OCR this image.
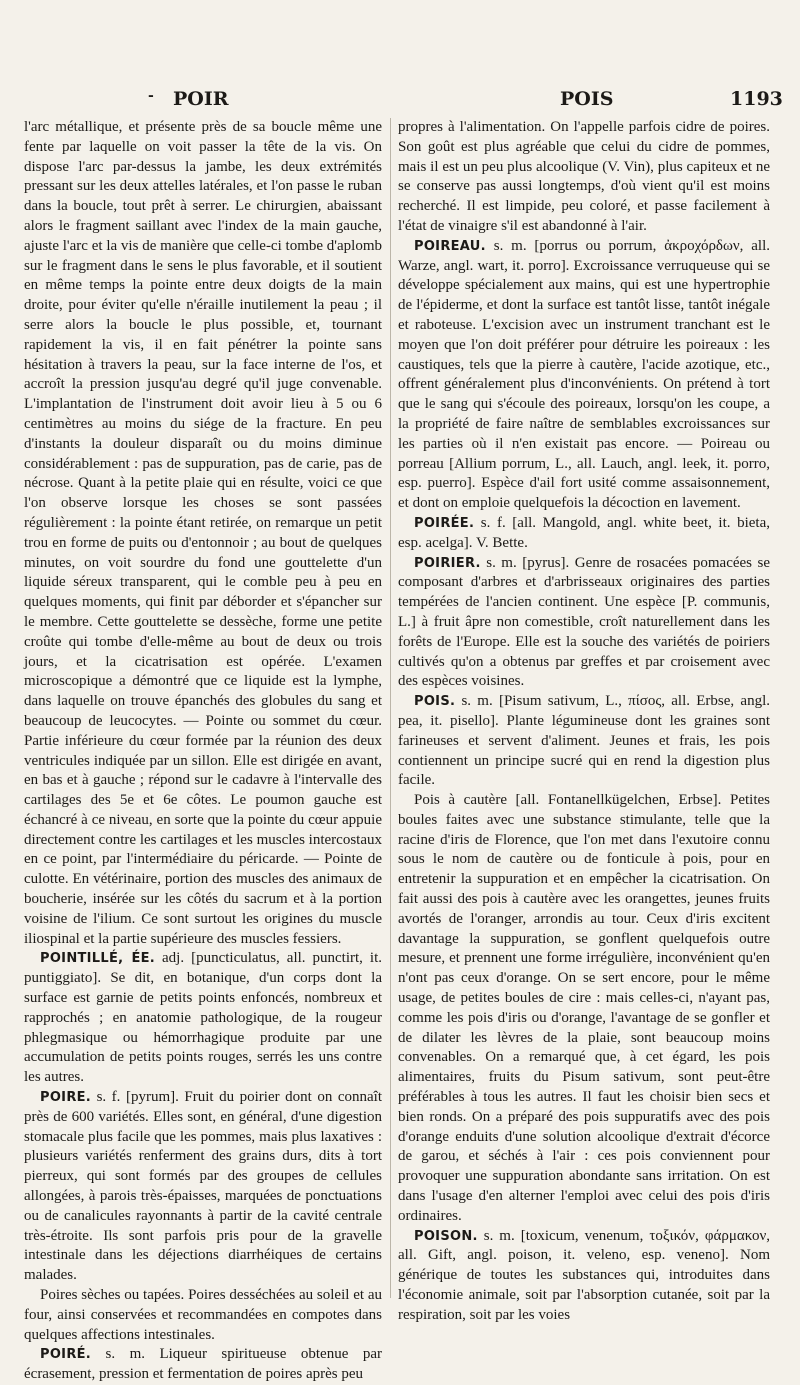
- POIR	POIS	1193

l'arc métallique, et présente près de sa boucle même une fente par laquelle on voit passer la tête de la vis. On dispose l'arc par-dessus la jambe, les deux extrémités pressant sur les deux attelles latérales, et l'on passe le ruban dans la boucle, tout prêt à serrer. Le chirurgien, abaissant alors le fragment saillant avec l'index de la main gauche, ajuste l'arc et la vis de manière que celle-ci tombe d'aplomb sur le fragment dans le sens le plus favorable, et il soutient en même temps la pointe entre deux doigts de la main droite, pour éviter qu'elle n'éraille inutilement la peau ; il serre alors la boucle le plus possible, et, tournant rapidement la vis, il en fait pénétrer la pointe sans hésitation à travers la peau, sur la face interne de l'os, et accroît la pression jusqu'au degré qu'il juge convenable. L'implantation de l'instrument doit avoir lieu à 5 ou 6 centimètres au moins du siége de la fracture. En peu d'instants la douleur disparaît ou du moins diminue considérablement : pas de suppuration, pas de carie, pas de nécrose. Quant à la petite plaie qui en résulte, voici ce que l'on observe lorsque les choses se sont passées régulièrement : la pointe étant retirée, on remarque un petit trou en forme de puits ou d'entonnoir ; au bout de quelques minutes, on voit sourdre du fond une gouttelette d'un liquide séreux transparent, qui le comble peu à peu en quelques moments, qui finit par déborder et s'épancher sur le membre. Cette gouttelette se dessèche, forme une petite croûte qui tombe d'elle-même au bout de deux ou trois jours, et la cicatrisation est opérée. L'examen microscopique a démontré que ce liquide est la lymphe, dans laquelle on trouve épanchés des globules du sang et beaucoup de leucocytes. — Pointe ou sommet du cœur. Partie inférieure du cœur formée par la réunion des deux ventricules indiquée par un sillon. Elle est dirigée en avant, en bas et à gauche ; répond sur le cadavre à l'intervalle des cartilages des 5e et 6e côtes. Le poumon gauche est échancré à ce niveau, en sorte que la pointe du cœur appuie directement contre les cartilages et les muscles intercostaux en ce point, par l'intermédiaire du péricarde. — Pointe de culotte. En vétérinaire, portion des muscles des animaux de boucherie, insérée sur les côtés du sacrum et à la portion voisine de l'ilium. Ce sont surtout les origines du muscle iliospinal et la partie supérieure des muscles fessiers.

POINTILLÉ, ÉE. adj. [puncticulatus, all. punctirt, it. puntiggiato]. Se dit, en botanique, d'un corps dont la surface est garnie de petits points enfoncés, nombreux et rapprochés ; en anatomie pathologique, de la rougeur phlegmasique ou hémorrhagique produite par une accumulation de petits points rouges, serrés les uns contre les autres.

POIRE. s. f. [pyrum]. Fruit du poirier dont on connaît près de 600 variétés. Elles sont, en général, d'une digestion stomacale plus facile que les pommes, mais plus laxatives : plusieurs variétés renferment des grains durs, dits à tort pierreux, qui sont formés par des groupes de cellules allongées, à parois très-épaisses, marquées de ponctuations ou de canalicules rayonnants à partir de la cavité centrale très-étroite. Ils sont parfois pris pour de la gravelle intestinale dans les déjections diarrhéiques de certains malades.

Poires sèches ou tapées. Poires desséchées au soleil et au four, ainsi conservées et recommandées en compotes dans quelques affections intestinales.

POIRÉ. s. m. Liqueur spiritueuse obtenue par écrasement, pression et fermentation de poires après peu

propres à l'alimentation. On l'appelle parfois cidre de poires. Son goût est plus agréable que celui du cidre de pommes, mais il est un peu plus alcoolique (V. Vin), plus capiteux et ne se conserve pas aussi longtemps, d'où vient qu'il est moins recherché. Il est limpide, peu coloré, et passe facilement à l'état de vinaigre s'il est abandonné à l'air.

POIREAU. s. m. [porrus ou porrum, ἀκροχόρδων, all. Warze, angl. wart, it. porro]. Excroissance verruqueuse qui se développe spécialement aux mains, qui est une hypertrophie de l'épiderme, et dont la surface est tantôt lisse, tantôt inégale et raboteuse. L'excision avec un instrument tranchant est le moyen que l'on doit préférer pour détruire les poireaux : les caustiques, tels que la pierre à cautère, l'acide azotique, etc., offrent généralement plus d'inconvénients. On prétend à tort que le sang qui s'écoule des poireaux, lorsqu'on les coupe, a la propriété de faire naître de semblables excroissances sur les parties où il n'en existait pas encore. — Poireau ou porreau [Allium porrum, L., all. Lauch, angl. leek, it. porro, esp. puerro]. Espèce d'ail fort usité comme assaisonnement, et dont on emploie quelquefois la décoction en lavement.

POIRÉE. s. f. [all. Mangold, angl. white beet, it. bieta, esp. acelga]. V. Bette.

POIRIER. s. m. [pyrus]. Genre de rosacées pomacées se composant d'arbres et d'arbrisseaux originaires des parties tempérées de l'ancien continent. Une espèce [P. communis, L.] à fruit âpre non comestible, croît naturellement dans les forêts de l'Europe. Elle est la souche des variétés de poiriers cultivés qu'on a obtenus par greffes et par croisement avec des espèces voisines.

POIS. s. m. [Pisum sativum, L., πίσος, all. Erbse, angl. pea, it. pisello]. Plante légumineuse dont les graines sont farineuses et servent d'aliment. Jeunes et frais, les pois contiennent un principe sucré qui en rend la digestion plus facile.

Pois à cautère [all. Fontanellkügelchen, Erbse]. Petites boules faites avec une substance stimulante, telle que la racine d'iris de Florence, que l'on met dans l'exutoire connu sous le nom de cautère ou de fonticule à pois, pour en entretenir la suppuration et en empêcher la cicatrisation. On fait aussi des pois à cautère avec les orangettes, jeunes fruits avortés de l'oranger, arrondis au tour. Ceux d'iris excitent davantage la suppuration, se gonflent quelquefois outre mesure, et prennent une forme irrégulière, inconvénient qu'en n'ont pas ceux d'orange. On se sert encore, pour le même usage, de petites boules de cire : mais celles-ci, n'ayant pas, comme les pois d'iris ou d'orange, l'avantage de se gonfler et de dilater les lèvres de la plaie, sont beaucoup moins convenables. On a remarqué que, à cet égard, les pois alimentaires, fruits du Pisum sativum, sont peut-être préférables à tous les autres. Il faut les choisir bien secs et bien ronds. On a préparé des pois suppuratifs avec des pois d'orange enduits d'une solution alcoolique d'extrait d'écorce de garou, et séchés à l'air : ces pois conviennent pour provoquer une suppuration abondante sans irritation. On est dans l'usage d'en alterner l'emploi avec celui des pois d'iris ordinaires.

POISON. s. m. [toxicum, venenum, τοξικόν, φάρμακον, all. Gift, angl. poison, it. veleno, esp. veneno]. Nom générique de toutes les substances qui, introduites dans l'économie animale, soit par l'absorption cutanée, soit par la respiration, soit par les voies
